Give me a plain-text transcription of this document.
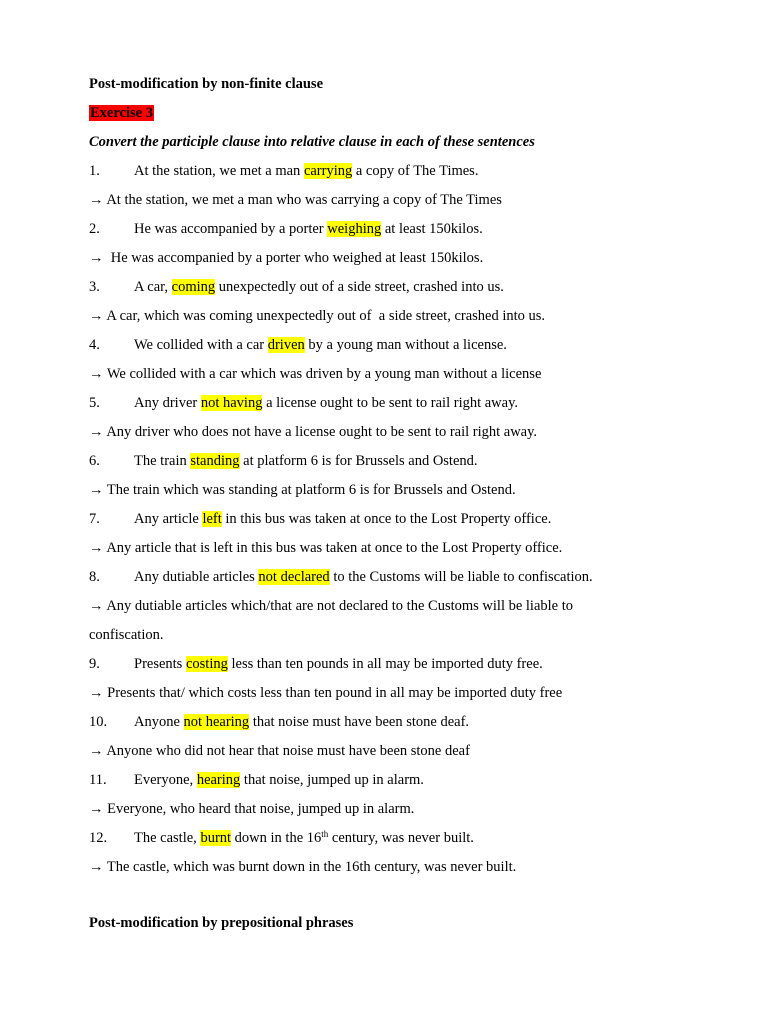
Post-modification by non-finite clause
Exercise 3
Convert the participle clause into relative clause in each of these sentences
1. At the station, we met a man carrying a copy of The Times.
→ At the station, we met a man who was carrying a copy of The Times
2. He was accompanied by a porter weighing at least 150kilos.
→  He was accompanied by a porter who weighed at least 150kilos.
3. A car, coming unexpectedly out of a side street, crashed into us.
→ A car, which was coming unexpectedly out of  a side street, crashed into us.
4. We collided with a car driven by a young man without a license.
→ We collided with a car which was driven by a young man without a license
5. Any driver not having a license ought to be sent to rail right away.
→ Any driver who does not have a license ought to be sent to rail right away.
6. The train standing at platform 6 is for Brussels and Ostend.
→ The train which was standing at platform 6 is for Brussels and Ostend.
7. Any article left in this bus was taken at once to the Lost Property office.
→ Any article that is left in this bus was taken at once to the Lost Property office.
8. Any dutiable articles not declared to the Customs will be liable to confiscation.
→ Any dutiable articles which/that are not declared to the Customs will be liable to
confiscation.
9. Presents costing less than ten pounds in all may be imported duty free.
→ Presents that/ which costs less than ten pound in all may be imported duty free
10. Anyone not hearing that noise must have been stone deaf.
→ Anyone who did not hear that noise must have been stone deaf
11. Everyone, hearing that noise, jumped up in alarm.
→ Everyone, who heard that noise, jumped up in alarm.
12. The castle, burnt down in the 16th century, was never built.
→ The castle, which was burnt down in the 16th century, was never built.
Post-modification by prepositional phrases
